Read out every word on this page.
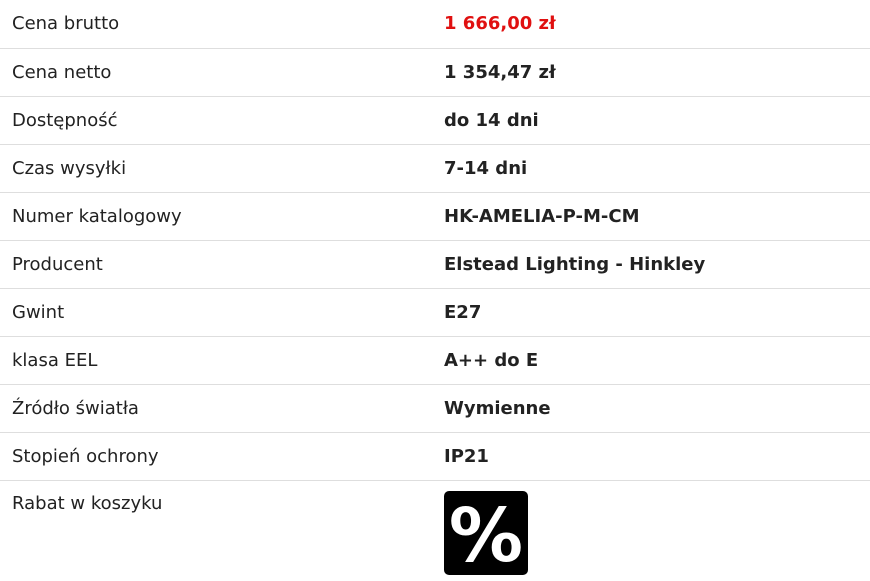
Cena brutto	1 666,00 zł
Cena netto	1 354,47 zł
Dostępność	do 14 dni
Czas wysyłki	7-14 dni
Numer katalogowy	HK-AMELIA-P-M-CM
Producent	Elstead Lighting - Hinkley
Gwint	E27
klasa EEL	A++ do E
Źródło światła	Wymienne
Stopień ochrony	IP21
Rabat w koszyku	%
